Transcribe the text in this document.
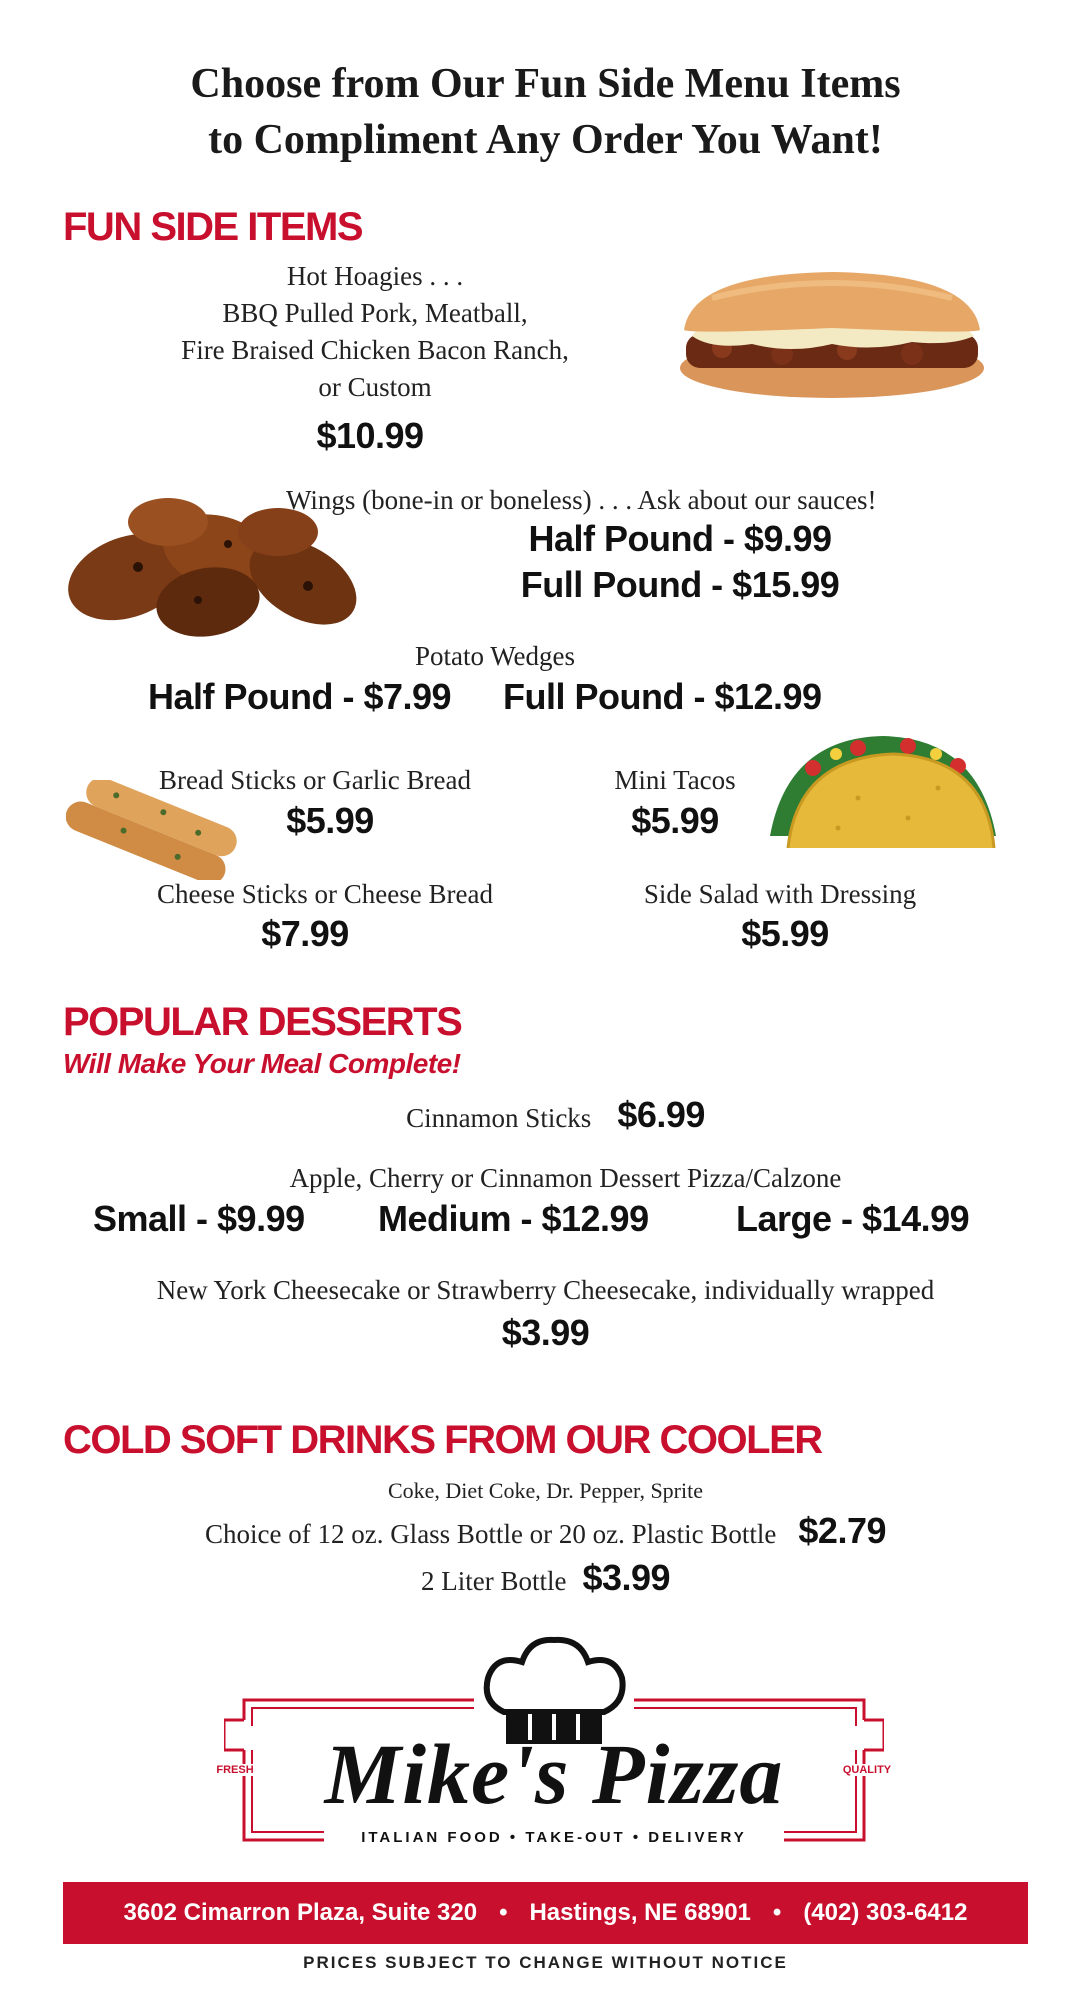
Choose from Our Fun Side Menu Items
to Compliment Any Order You Want!
FUN SIDE ITEMS
Hot Hoagies . . .
BBQ Pulled Pork, Meatball,
Fire Braised Chicken Bacon Ranch,
or Custom
$10.99
Wings (bone-in or boneless) . . . Ask about our sauces!
Half Pound - $9.99
Full Pound - $15.99
Potato Wedges
Half Pound - $7.99 Full Pound - $12.99
Bread Sticks or Garlic Bread
$5.99
Mini Tacos
$5.99
Cheese Sticks or Cheese Bread
$7.99
Side Salad with Dressing
$5.99
POPULAR DESSERTS
Will Make Your Meal Complete!
Cinnamon Sticks $6.99
Apple, Cherry or Cinnamon Dessert Pizza/Calzone
Small - $9.99 Medium - $12.99 Large - $14.99
New York Cheesecake or Strawberry Cheesecake, individually wrapped
$3.99
COLD SOFT DRINKS FROM OUR COOLER
Coke, Diet Coke, Dr. Pepper, Sprite
Choice of 12 oz. Glass Bottle or 20 oz. Plastic Bottle $2.79
2 Liter Bottle $3.99
FRESH	QUALITY
Mike's Pizza
ITALIAN FOOD • TAKE-OUT • DELIVERY
3602 Cimarron Plaza, Suite 320 • Hastings, NE 68901 • (402) 303-6412
PRICES SUBJECT TO CHANGE WITHOUT NOTICE
